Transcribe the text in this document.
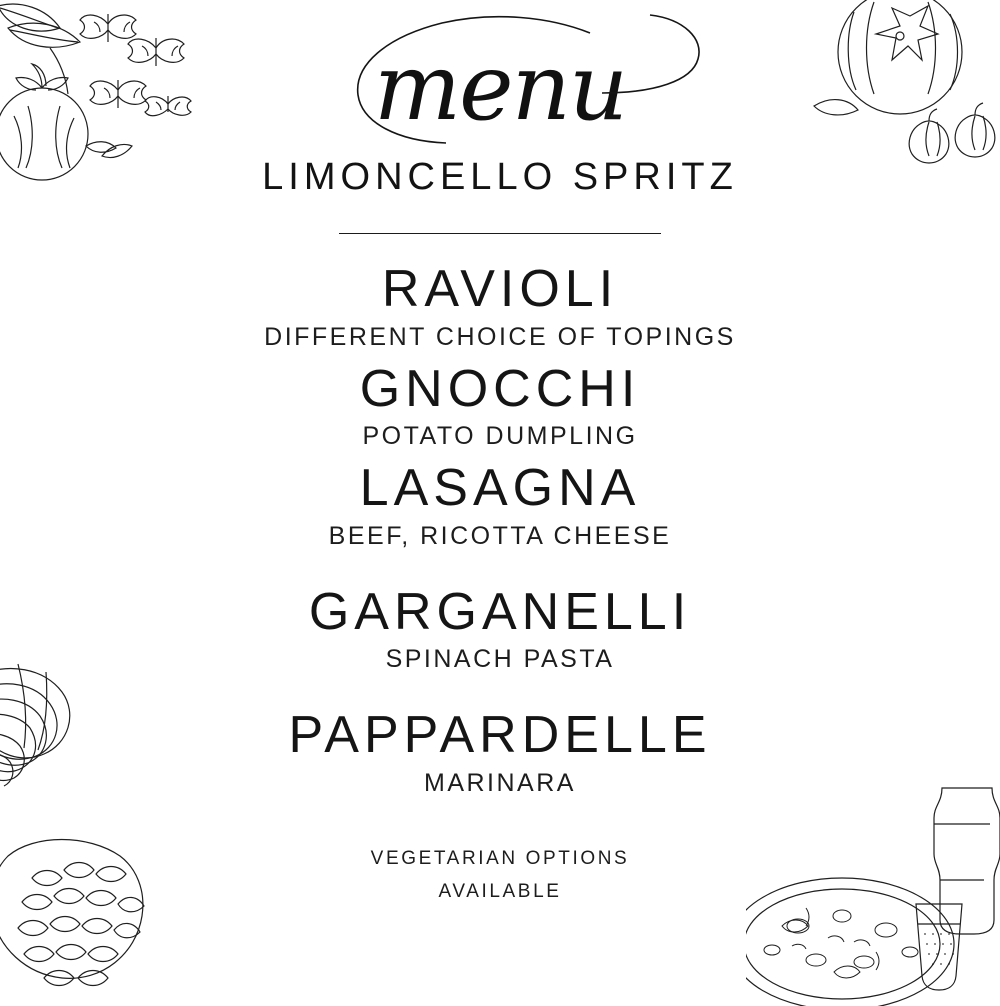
menu
LIMONCELLO SPRITZ
RAVIOLI
DIFFERENT CHOICE OF TOPINGS
GNOCCHI
POTATO DUMPLING
LASAGNA
BEEF, RICOTTA CHEESE
GARGANELLI
SPINACH PASTA
PAPPARDELLE
MARINARA
VEGETARIAN OPTIONS
AVAILABLE
